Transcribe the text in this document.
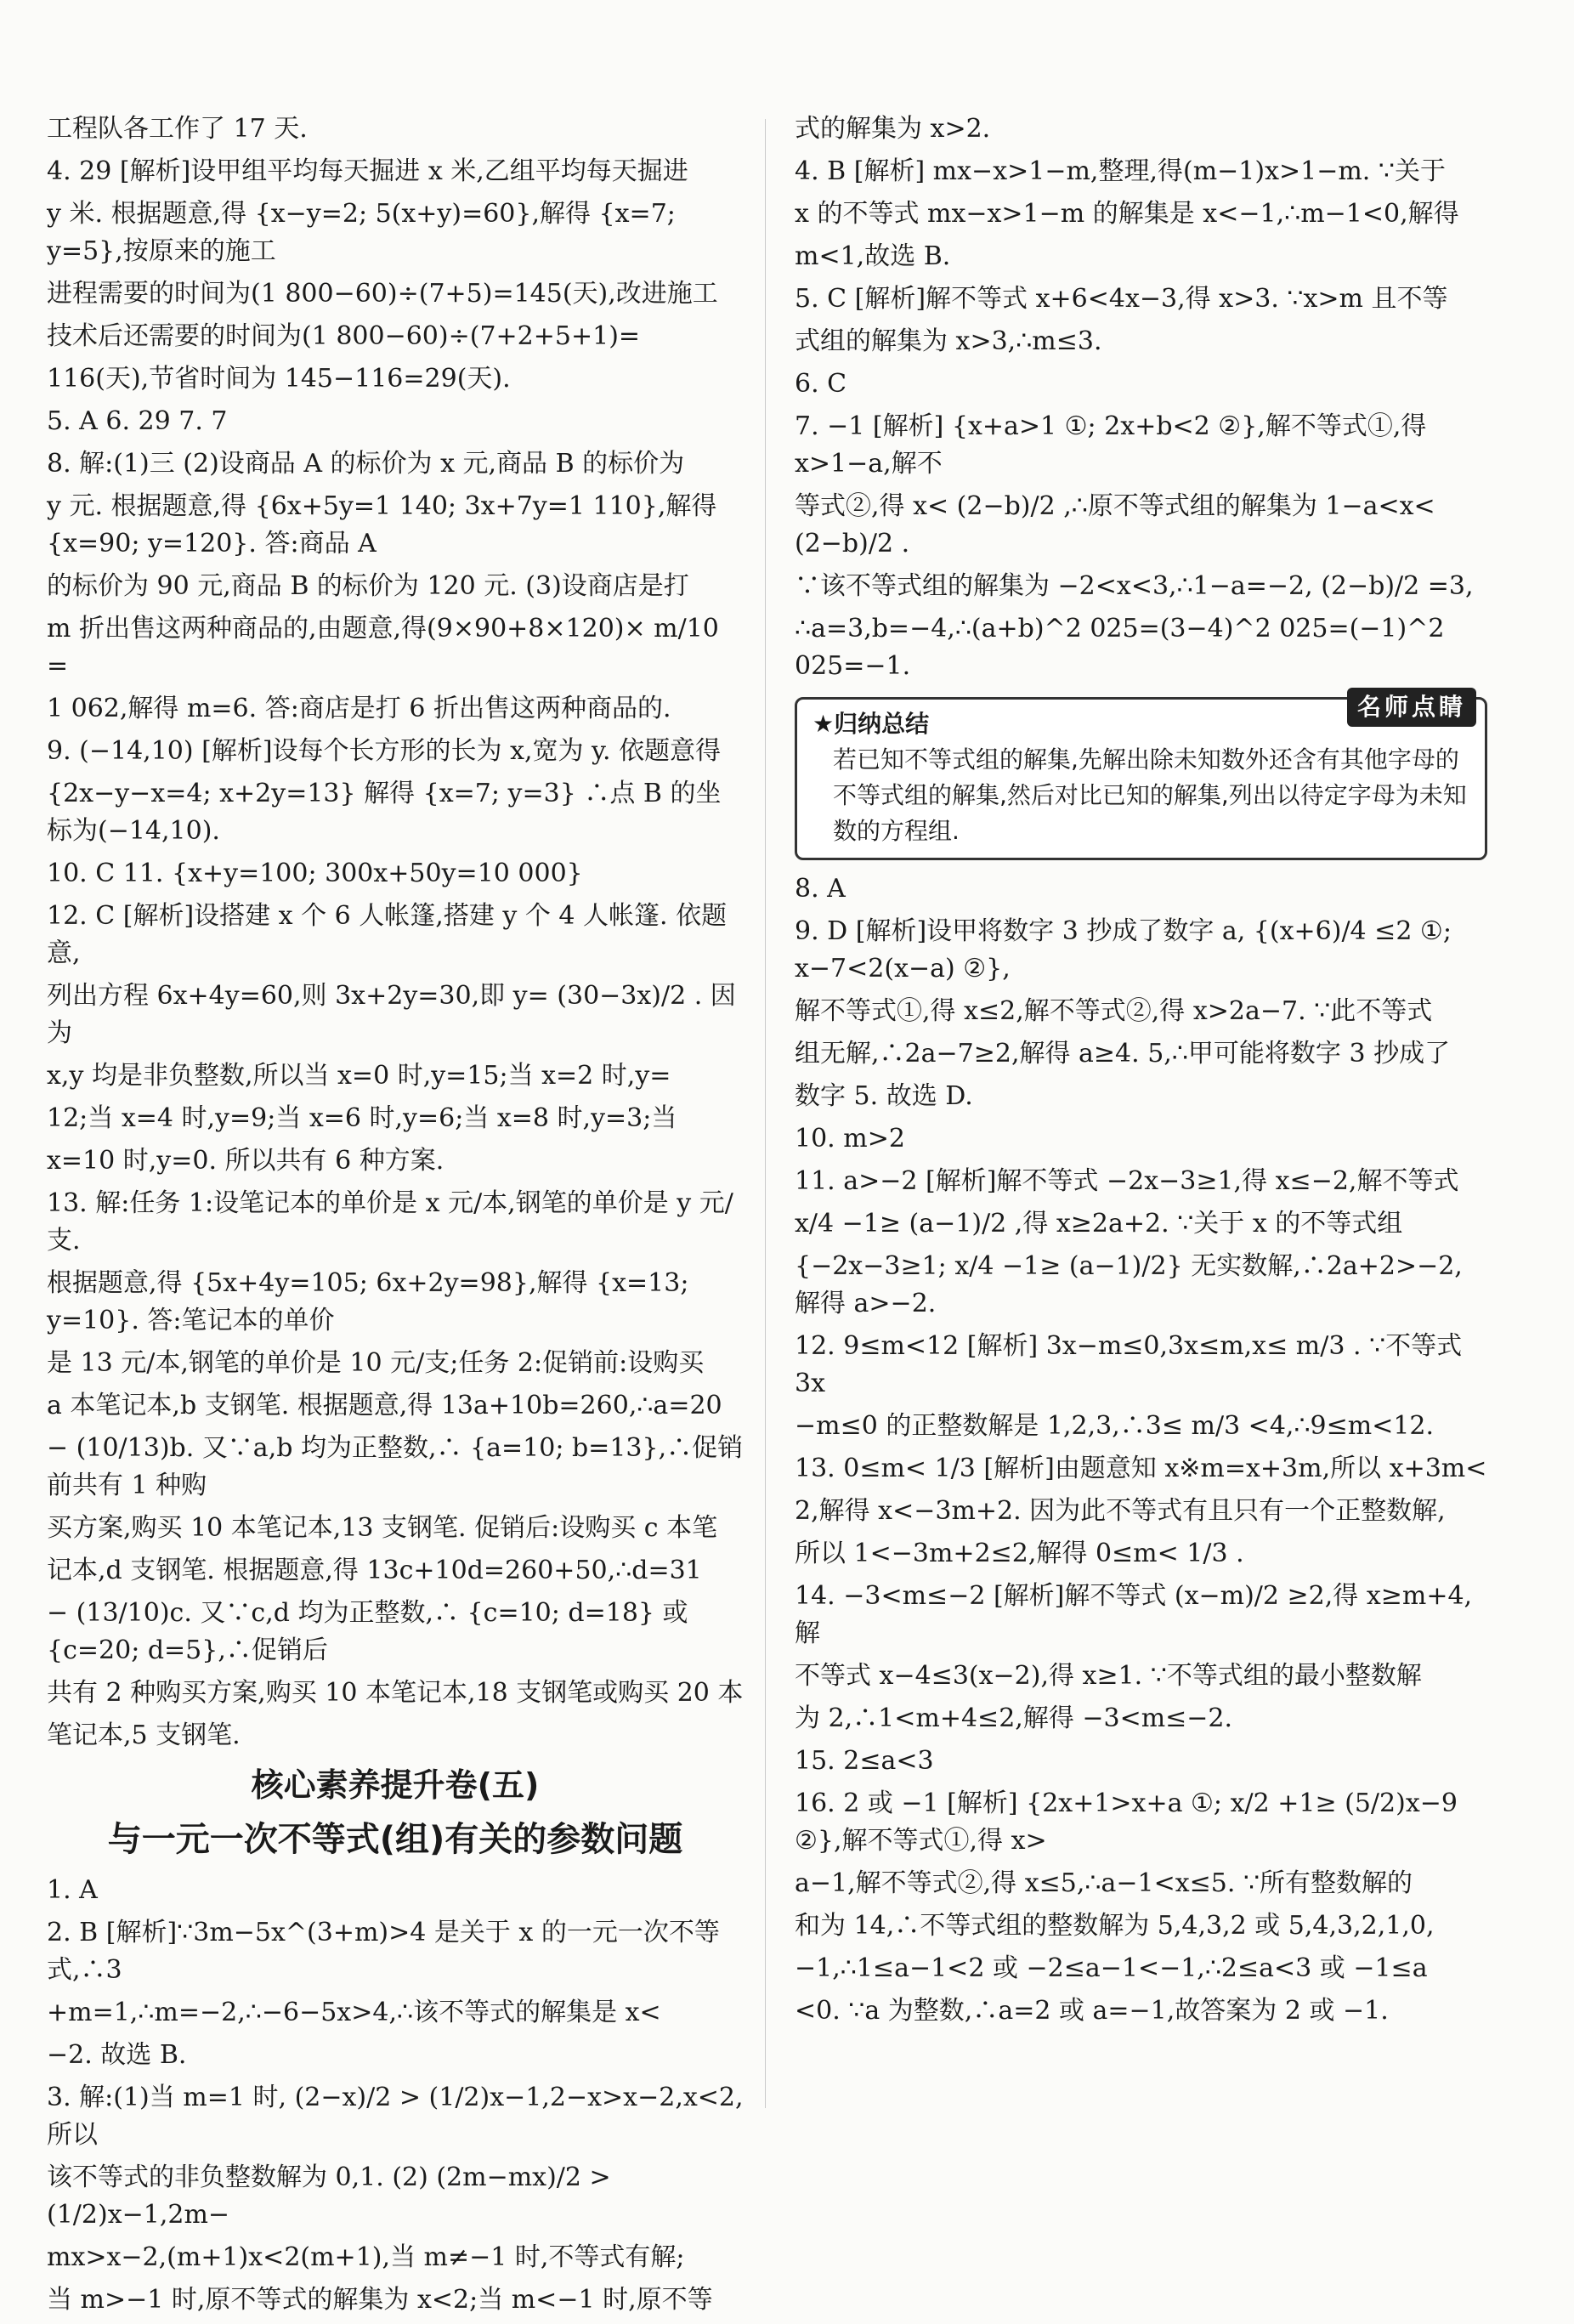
工程队各工作了 17 天.
4. 29 [解析]设甲组平均每天掘进 x 米,乙组平均每天掘进
y 米. 根据题意,得 {x−y=2; 5(x+y)=60},解得 {x=7; y=5},按原来的施工
进程需要的时间为(1 800−60)÷(7+5)=145(天),改进施工
技术后还需要的时间为(1 800−60)÷(7+2+5+1)=
116(天),节省时间为 145−116=29(天).
5. A 6. 29 7. 7
8. 解:(1)三 (2)设商品 A 的标价为 x 元,商品 B 的标价为
y 元. 根据题意,得 {6x+5y=1 140; 3x+7y=1 110},解得 {x=90; y=120}. 答:商品 A
的标价为 90 元,商品 B 的标价为 120 元. (3)设商店是打
m 折出售这两种商品的,由题意,得(9×90+8×120)× m/10 =
1 062,解得 m=6. 答:商店是打 6 折出售这两种商品的.
9. (−14,10) [解析]设每个长方形的长为 x,宽为 y. 依题意得
{2x−y−x=4; x+2y=13} 解得 {x=7; y=3} ∴点 B 的坐标为(−14,10).
10. C 11. {x+y=100; 300x+50y=10 000}
12. C [解析]设搭建 x 个 6 人帐篷,搭建 y 个 4 人帐篷. 依题意,
列出方程 6x+4y=60,则 3x+2y=30,即 y= (30−3x)/2 . 因为
x,y 均是非负整数,所以当 x=0 时,y=15;当 x=2 时,y=
12;当 x=4 时,y=9;当 x=6 时,y=6;当 x=8 时,y=3;当
x=10 时,y=0. 所以共有 6 种方案.
13. 解:任务 1:设笔记本的单价是 x 元/本,钢笔的单价是 y 元/支.
根据题意,得 {5x+4y=105; 6x+2y=98},解得 {x=13; y=10}. 答:笔记本的单价
是 13 元/本,钢笔的单价是 10 元/支;任务 2:促销前:设购买
a 本笔记本,b 支钢笔. 根据题意,得 13a+10b=260,∴a=20
− (10/13)b. 又∵a,b 均为正整数,∴ {a=10; b=13},∴促销前共有 1 种购
买方案,购买 10 本笔记本,13 支钢笔. 促销后:设购买 c 本笔
记本,d 支钢笔. 根据题意,得 13c+10d=260+50,∴d=31
− (13/10)c. 又∵c,d 均为正整数,∴ {c=10; d=18} 或 {c=20; d=5},∴促销后
共有 2 种购买方案,购买 10 本笔记本,18 支钢笔或购买 20 本
笔记本,5 支钢笔.
核心素养提升卷(五)
与一元一次不等式(组)有关的参数问题
1. A
2. B [解析]∵3m−5x^(3+m)>4 是关于 x 的一元一次不等式,∴3
+m=1,∴m=−2,∴−6−5x>4,∴该不等式的解集是 x<
−2. 故选 B.
3. 解:(1)当 m=1 时, (2−x)/2 > (1/2)x−1,2−x>x−2,x<2,所以
该不等式的非负整数解为 0,1. (2) (2m−mx)/2 > (1/2)x−1,2m−
mx>x−2,(m+1)x<2(m+1),当 m≠−1 时,不等式有解;
当 m>−1 时,原不等式的解集为 x<2;当 m<−1 时,原不等
式的解集为 x>2.
4. B [解析] mx−x>1−m,整理,得(m−1)x>1−m. ∵关于
x 的不等式 mx−x>1−m 的解集是 x<−1,∴m−1<0,解得
m<1,故选 B.
5. C [解析]解不等式 x+6<4x−3,得 x>3. ∵x>m 且不等
式组的解集为 x>3,∴m≤3.
6. C
7. −1 [解析] {x+a>1 ①; 2x+b<2 ②},解不等式①,得 x>1−a,解不
等式②,得 x< (2−b)/2 ,∴原不等式组的解集为 1−a<x< (2−b)/2 .
∵该不等式组的解集为 −2<x<3,∴1−a=−2, (2−b)/2 =3,
∴a=3,b=−4,∴(a+b)^2 025=(3−4)^2 025=(−1)^2 025=−1.
名师点睛
★归纳总结
若已知不等式组的解集,先解出除未知数外还含有其他字母的不等式组的解集,然后对比已知的解集,列出以待定字母为未知数的方程组.
8. A
9. D [解析]设甲将数字 3 抄成了数字 a, {(x+6)/4 ≤2 ①; x−7<2(x−a) ②},
解不等式①,得 x≤2,解不等式②,得 x>2a−7. ∵此不等式
组无解,∴2a−7≥2,解得 a≥4. 5,∴甲可能将数字 3 抄成了
数字 5. 故选 D.
10. m>2
11. a>−2 [解析]解不等式 −2x−3≥1,得 x≤−2,解不等式
x/4 −1≥ (a−1)/2 ,得 x≥2a+2. ∵关于 x 的不等式组
{−2x−3≥1; x/4 −1≥ (a−1)/2} 无实数解,∴2a+2>−2,解得 a>−2.
12. 9≤m<12 [解析] 3x−m≤0,3x≤m,x≤ m/3 . ∵不等式 3x
−m≤0 的正整数解是 1,2,3,∴3≤ m/3 <4,∴9≤m<12.
13. 0≤m< 1/3 [解析]由题意知 x※m=x+3m,所以 x+3m<
2,解得 x<−3m+2. 因为此不等式有且只有一个正整数解,
所以 1<−3m+2≤2,解得 0≤m< 1/3 .
14. −3<m≤−2 [解析]解不等式 (x−m)/2 ≥2,得 x≥m+4,解
不等式 x−4≤3(x−2),得 x≥1. ∵不等式组的最小整数解
为 2,∴1<m+4≤2,解得 −3<m≤−2.
15. 2≤a<3
16. 2 或 −1 [解析] {2x+1>x+a ①; x/2 +1≥ (5/2)x−9 ②},解不等式①,得 x>
a−1,解不等式②,得 x≤5,∴a−1<x≤5. ∵所有整数解的
和为 14,∴不等式组的整数解为 5,4,3,2 或 5,4,3,2,1,0,
−1,∴1≤a−1<2 或 −2≤a−1<−1,∴2≤a<3 或 −1≤a
<0. ∵a 为整数,∴a=2 或 a=−1,故答案为 2 或 −1.
